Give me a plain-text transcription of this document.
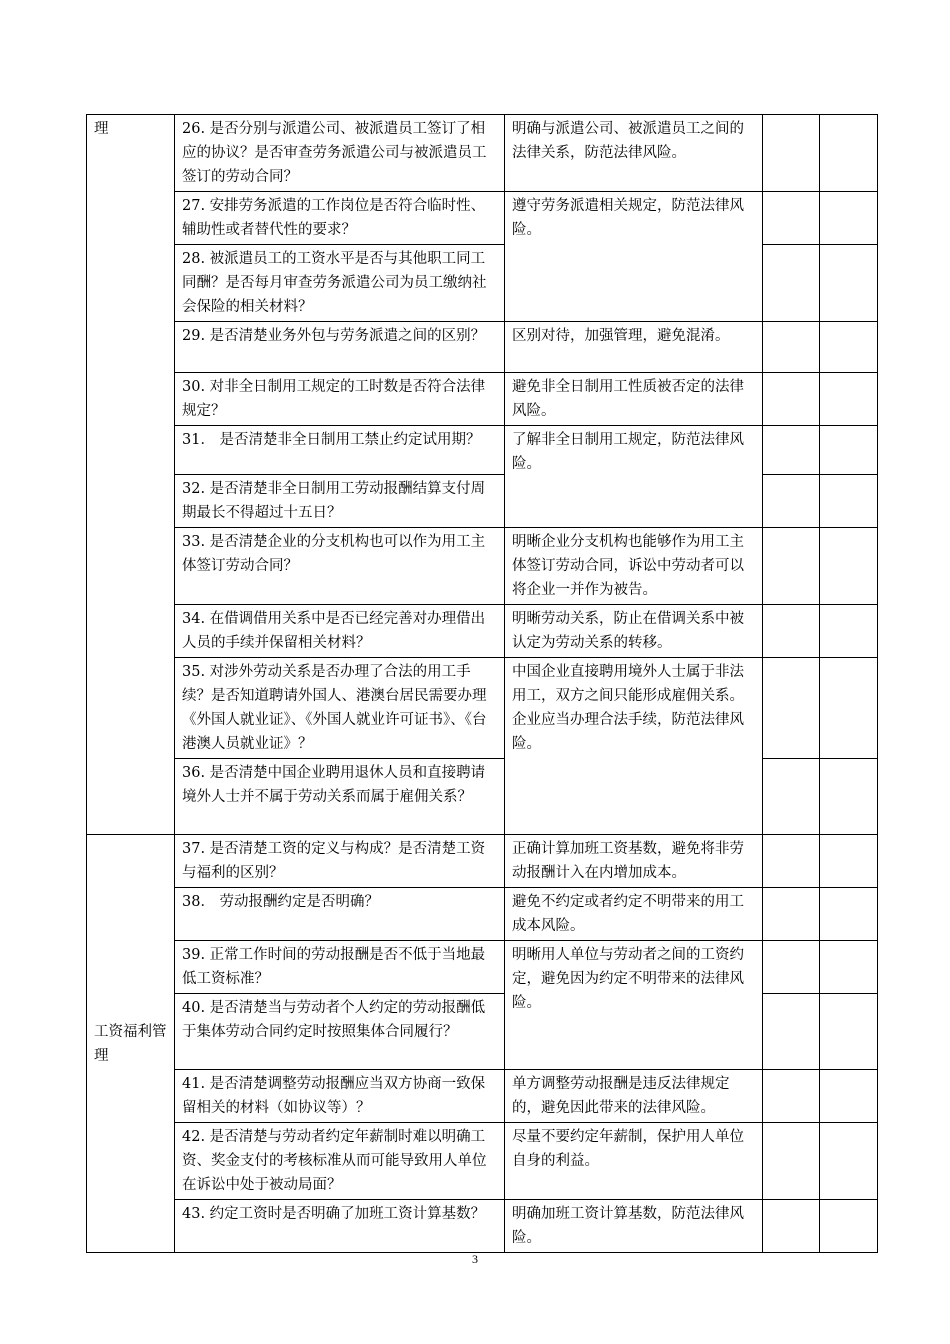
理	26. 是否分别与派遣公司、被派遣员工签订了相应的协议？是否审查劳务派遣公司与被派遣员工签订的劳动合同？	明确与派遣公司、被派遣员工之间的法律关系，防范法律风险。		
	27. 安排劳务派遣的工作岗位是否符合临时性、辅助性或者替代性的要求？	遵守劳务派遣相关规定，防范法律风险。		
	28. 被派遣员工的工资水平是否与其他职工同工同酬？是否每月审查劳务派遣公司为员工缴纳社会保险的相关材料？			
	29. 是否清楚业务外包与劳务派遣之间的区别？	区别对待，加强管理，避免混淆。		
	30. 对非全日制用工规定的工时数是否符合法律规定？	避免非全日制用工性质被否定的法律风险。		
	31． 是否清楚非全日制用工禁止约定试用期？	了解非全日制用工规定，防范法律风险。		
	32. 是否清楚非全日制用工劳动报酬结算支付周期最长不得超过十五日？			
	33. 是否清楚企业的分支机构也可以作为用工主体签订劳动合同？	明晰企业分支机构也能够作为用工主体签订劳动合同，诉讼中劳动者可以将企业一并作为被告。		
	34. 在借调借用关系中是否已经完善对办理借出人员的手续并保留相关材料？	明晰劳动关系，防止在借调关系中被认定为劳动关系的转移。		
	35. 对涉外劳动关系是否办理了合法的用工手续？是否知道聘请外国人、港澳台居民需要办理《外国人就业证》、《外国人就业许可证书》、《台港澳人员就业证》？	中国企业直接聘用境外人士属于非法用工，双方之间只能形成雇佣关系。企业应当办理合法手续，防范法律风险。		
	36. 是否清楚中国企业聘用退休人员和直接聘请境外人士并不属于劳动关系而属于雇佣关系？			
工资福利管理	37. 是否清楚工资的定义与构成？是否清楚工资与福利的区别？	正确计算加班工资基数，避免将非劳动报酬计入在内增加成本。		
	38． 劳动报酬约定是否明确？	避免不约定或者约定不明带来的用工成本风险。		
	39. 正常工作时间的劳动报酬是否不低于当地最低工资标准？	明晰用人单位与劳动者之间的工资约定，避免因为约定不明带来的法律风险。		
	40. 是否清楚当与劳动者个人约定的劳动报酬低于集体劳动合同约定时按照集体合同履行？			
	41. 是否清楚调整劳动报酬应当双方协商一致保留相关的材料（如协议等）？	单方调整劳动报酬是违反法律规定的，避免因此带来的法律风险。		
	42. 是否清楚与劳动者约定年薪制时难以明确工资、奖金支付的考核标准从而可能导致用人单位在诉讼中处于被动局面？	尽量不要约定年薪制，保护用人单位自身的利益。		
	43. 约定工资时是否明确了加班工资计算基数？	明确加班工资计算基数，防范法律风险。		
3
